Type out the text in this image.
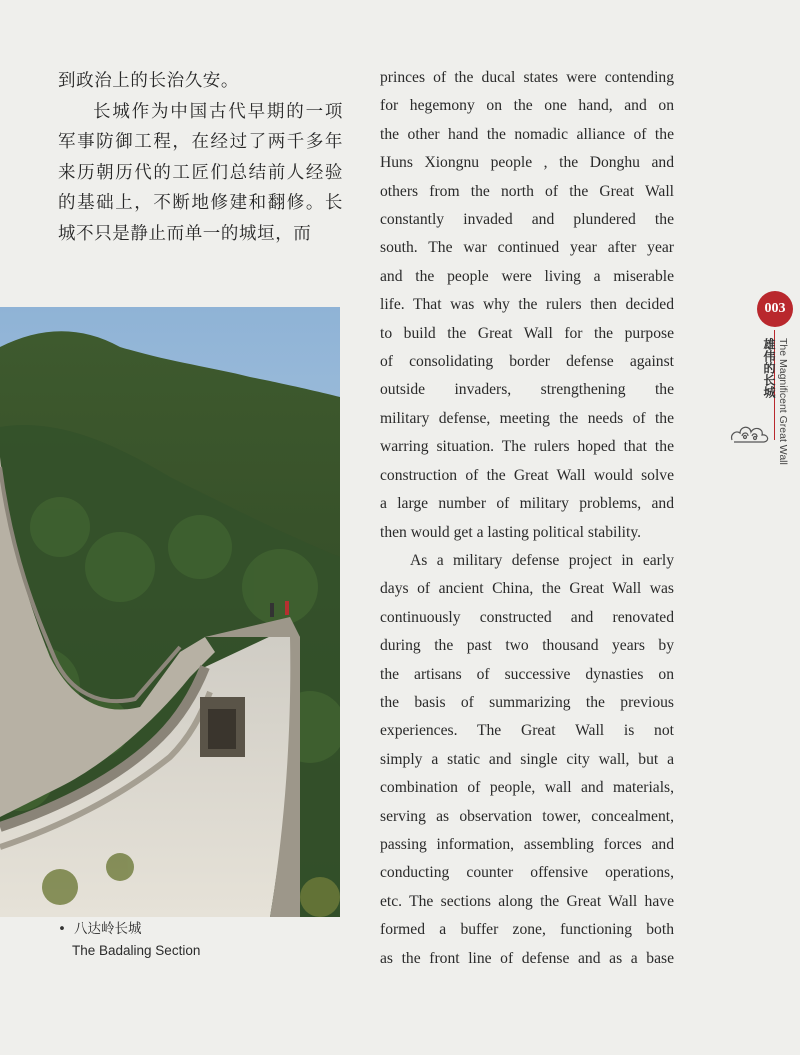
到政治上的长治久安。

长城作为中国古代早期的一项军事防御工程，在经过了两千多年来历朝历代的工匠们总结前人经验的基础上，不断地修建和翻修。长城不只是静止而单一的城垣，而

• 八达岭长城
The Badaling Section
princes of the ducal states were contending
for hegemony on the one hand, and on
the other hand the nomadic alliance of the
Huns Xiongnu people , the Donghu and
others from the north of the Great Wall
constantly invaded and plundered the
south. The war continued year after year
and the people were living a miserable
life. That was why the rulers then decided
to build the Great Wall for the purpose
of consolidating border defense against
outside invaders, strengthening the
military defense, meeting the needs of the
warring situation. The rulers hoped that the
construction of the Great Wall would solve
a large number of military problems, and
then would get a lasting political stability.
As a military defense project in early
days of ancient China, the Great Wall was
continuously constructed and renovated
during the past two thousand years by
the artisans of successive dynasties on
the basis of summarizing the previous
experiences. The Great Wall is not
simply a static and single city wall, but a
combination of people, wall and materials,
serving as observation tower, concealment,
passing information, assembling forces and
conducting counter offensive operations,
etc. The sections along the Great Wall have
formed a buffer zone, functioning both
as the front line of defense and as a base
003
雄伟的长城 The Magnificent Great Wall
